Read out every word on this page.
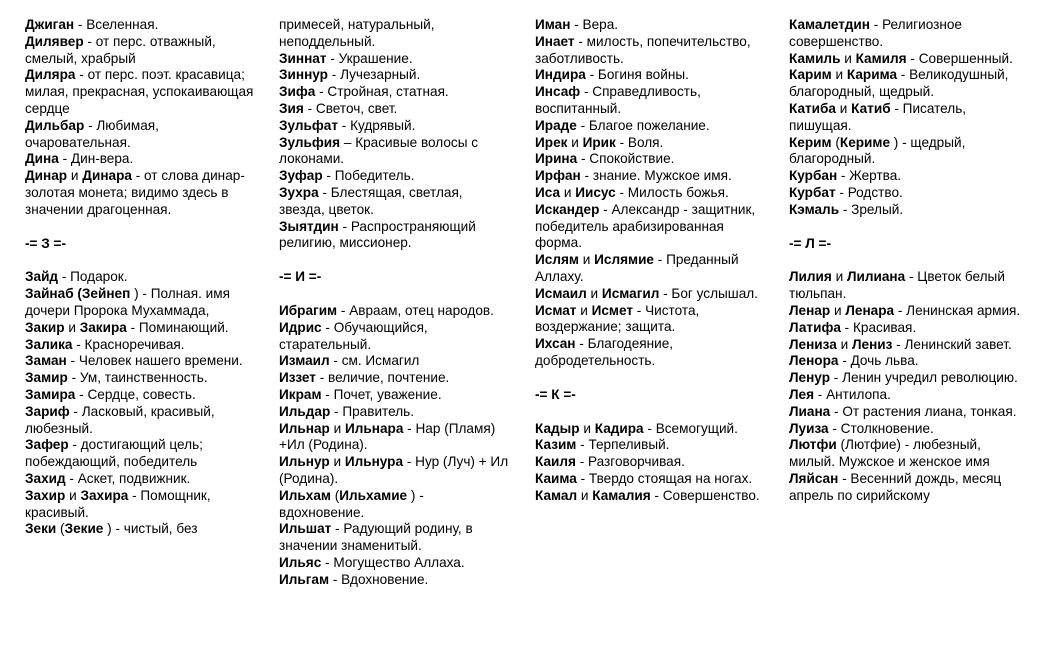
Джиган - Вселенная.
Дилявер - от перс. отважный, смелый, храбрый
Диляра - от перс. поэт. красавица; милая, прекрасная, успокаивающая сердце
Дильбар - Любимая, очаровательная.
Дина - Дин-вера.
Динар и Динара - от слова динар-золотая монета; видимо здесь в значении драгоценная.
-= З =-
Зайд - Подарок.
Зайнаб (Зейнеп ) - Полная. имя дочери Пророка Мухаммада,
Закир и Закира - Поминающий.
Залика - Красноречивая.
Заман - Человек нашего времени.
Замир - Ум, таинственность.
Замира - Сердце, совесть.
Зариф - Ласковый, красивый, любезный.
Зафер - достигающий цель; побеждающий, победитель
Захид - Аскет, подвижник.
Захир и Захира - Помощник, красивый.
Зеки (Зекие ) - чистый, без
примесей, натуральный, неподдельный.
Зиннат - Украшение.
Зиннур - Лучезарный.
Зифа - Стройная, статная.
Зия - Светоч, свет.
Зульфат - Кудрявый.
Зульфия – Красивые волосы с локонами.
Зуфар - Победитель.
Зухра - Блестящая, светлая, звезда, цветок.
Зыятдин - Распространяющий религию, миссионер.
-= И =-
Ибрагим - Авраам, отец народов.
Идрис - Обучающийся, старательный.
Измаил - см. Исмагил
Иззет - величие, почтение.
Икрам - Почет, уважение.
Ильдар - Правитель.
Ильнар и Ильнара - Нар (Пламя) +Ил (Родина).
Ильнур и Ильнура - Нур (Луч) + Ил (Родина).
Ильхам (Ильхамие ) - вдохновение.
Ильшат - Радующий родину, в значении знаменитый.
Ильяс - Могущество Аллаха.
Ильгам - Вдохновение.
Иман - Вера.
Инает - милость, попечительство, заботливость.
Индира - Богиня войны.
Инсаф - Справедливость, воспитанный.
Ираде - Благое пожелание.
Ирек и Ирик - Воля.
Ирина - Спокойствие.
Ирфан - знание. Мужское имя.
Иса и Иисус - Милость божья.
Искандер - Александр - защитник, победитель арабизированная форма.
Ислям и Ислямие - Преданный Аллаху.
Исмаил и Исмагил - Бог услышал.
Исмат и Исмет - Чистота, воздержание; защита.
Ихсан - Благодеяние, добродетельность.
-= К =-
Кадыр и Кадира - Всемогущий.
Казим - Терпеливый.
Каиля - Разговорчивая.
Каима - Твердо стоящая на ногах.
Камал и Камалия - Совершенство.
Камалетдин - Религиозное совершенство.
Камиль и Камиля - Совершенный.
Карим и Карима - Великодушный, благородный, щедрый.
Катиба и Катиб - Писатель, пишущая.
Керим (Кериме ) - щедрый, благородный.
Курбан - Жертва.
Курбат - Родство.
Кэмаль - Зрелый.
-= Л =-
Лилия и Лилиана - Цветок белый тюльпан.
Ленар и Ленара - Ленинская армия.
Латифа - Красивая.
Лениза и Лениз - Ленинский завет.
Ленора - Дочь льва.
Ленур - Ленин учредил революцию.
Лея - Антилопа.
Лиана - От растения лиана, тонкая.
Луиза - Столкновение.
Лютфи (Лютфие) - любезный, милый. Мужское и женское имя
Ляйсан - Весенний дождь, месяц апрель по сирийскому
